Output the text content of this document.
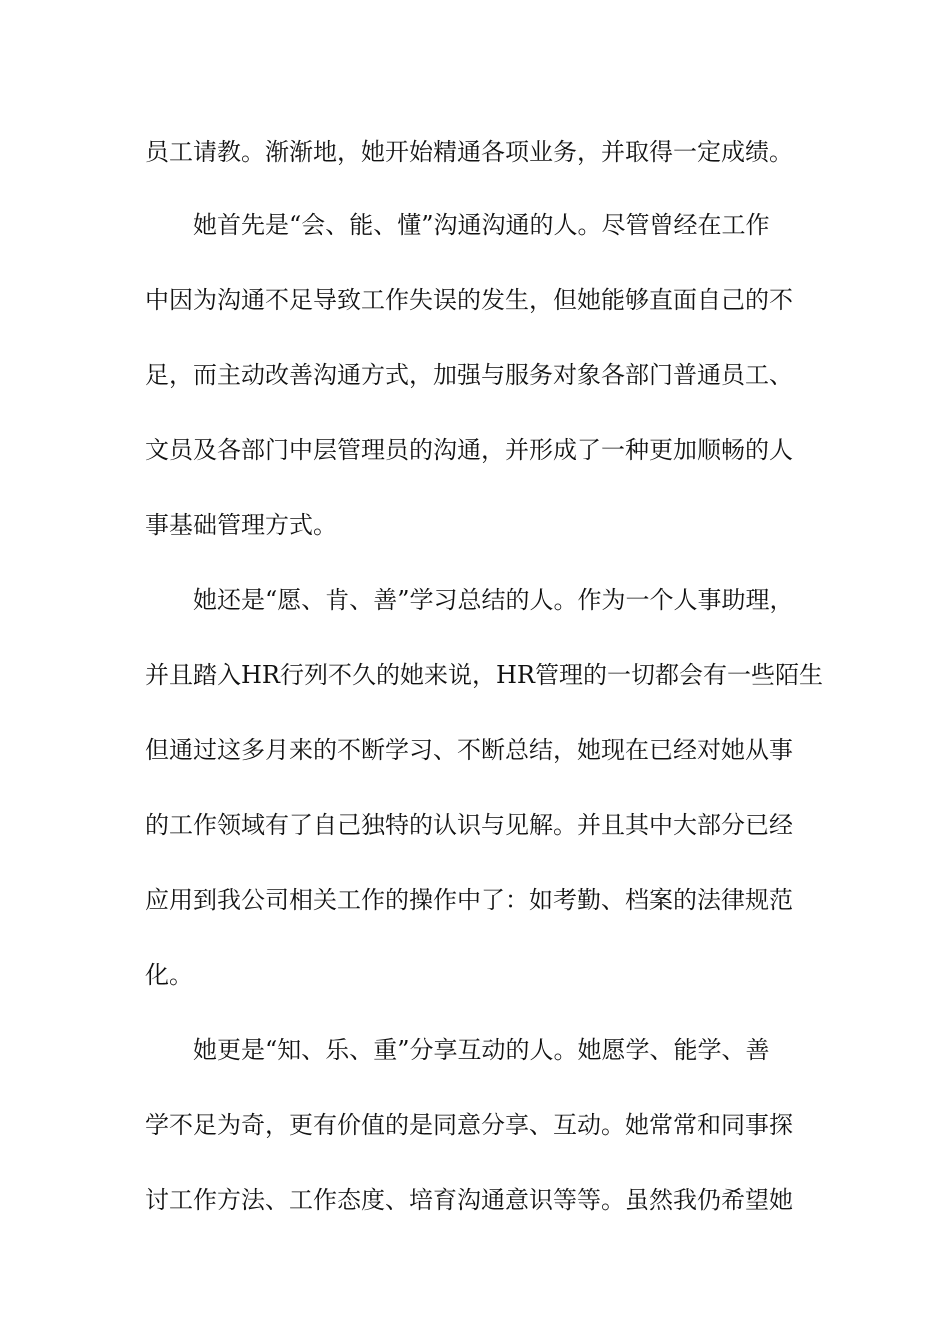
员工请教。渐渐地，她开始精通各项业务，并取得一定成绩。
　　她首先是“会、能、懂”沟通沟通的人。尽管曾经在工作
中因为沟通不足导致工作失误的发生，但她能够直面自己的不
足，而主动改善沟通方式，加强与服务对象各部门普通员工、
文员及各部门中层管理员的沟通，并形成了一种更加顺畅的人
事基础管理方式。
　　她还是“愿、肯、善”学习总结的人。作为一个人事助理，
并且踏入HR行列不久的她来说，HR管理的一切都会有一些陌生
但通过这多月来的不断学习、不断总结，她现在已经对她从事
的工作领域有了自己独特的认识与见解。并且其中大部分已经
应用到我公司相关工作的操作中了：如考勤、档案的法律规范
化。
　　她更是“知、乐、重”分享互动的人。她愿学、能学、善
学不足为奇，更有价值的是同意分享、互动。她常常和同事探
讨工作方法、工作态度、培育沟通意识等等。虽然我仍希望她
